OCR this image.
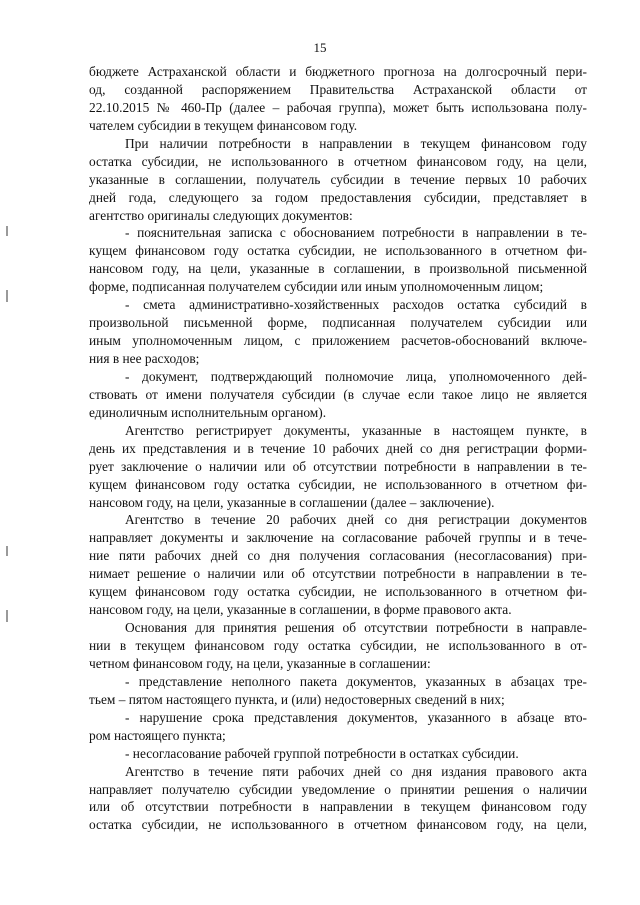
15
бюджете Астраханской области и бюджетного прогноза на долгосрочный пери-
од, созданной распоряжением Правительства Астраханской области от
22.10.2015 № 460-Пр (далее – рабочая группа), может быть использована полу-
чателем субсидии в текущем финансовом году.
При наличии потребности в направлении в текущем финансовом году
остатка субсидии, не использованного в отчетном финансовом году, на цели,
указанные в соглашении, получатель субсидии в течение первых 10 рабочих
дней года, следующего за годом предоставления субсидии, представляет в
агентство оригиналы следующих документов:
- пояснительная записка с обоснованием потребности в направлении в те-
кущем финансовом году остатка субсидии, не использованного в отчетном фи-
нансовом году, на цели, указанные в соглашении, в произвольной письменной
форме, подписанная получателем субсидии или иным уполномоченным лицом;
- смета административно-хозяйственных расходов остатка субсидий в
произвольной письменной форме, подписанная получателем субсидии или
иным уполномоченным лицом, с приложением расчетов-обоснований включе-
ния в нее расходов;
- документ, подтверждающий полномочие лица, уполномоченного дей-
ствовать от имени получателя субсидии (в случае если такое лицо не является
единоличным исполнительным органом).
Агентство регистрирует документы, указанные в настоящем пункте, в
день их представления и в течение 10 рабочих дней со дня регистрации форми-
рует заключение о наличии или об отсутствии потребности в направлении в те-
кущем финансовом году остатка субсидии, не использованного в отчетном фи-
нансовом году, на цели, указанные в соглашении (далее – заключение).
Агентство в течение 20 рабочих дней со дня регистрации документов
направляет документы и заключение на согласование рабочей группы и в тече-
ние пяти рабочих дней со дня получения согласования (несогласования) при-
нимает решение о наличии или об отсутствии потребности в направлении в те-
кущем финансовом году остатка субсидии, не использованного в отчетном фи-
нансовом году, на цели, указанные в соглашении, в форме правового акта.
Основания для принятия решения об отсутствии потребности в направле-
нии в текущем финансовом году остатка субсидии, не использованного в от-
четном финансовом году, на цели, указанные в соглашении:
- представление неполного пакета документов, указанных в абзацах тре-
тьем – пятом настоящего пункта, и (или) недостоверных сведений в них;
- нарушение срока представления документов, указанного в абзаце вто-
ром настоящего пункта;
- несогласование рабочей группой потребности в остатках субсидии.
Агентство в течение пяти рабочих дней со дня издания правового акта
направляет получателю субсидии уведомление о принятии решения о наличии
или об отсутствии потребности в направлении в текущем финансовом году
остатка субсидии, не использованного в отчетном финансовом году, на цели,
